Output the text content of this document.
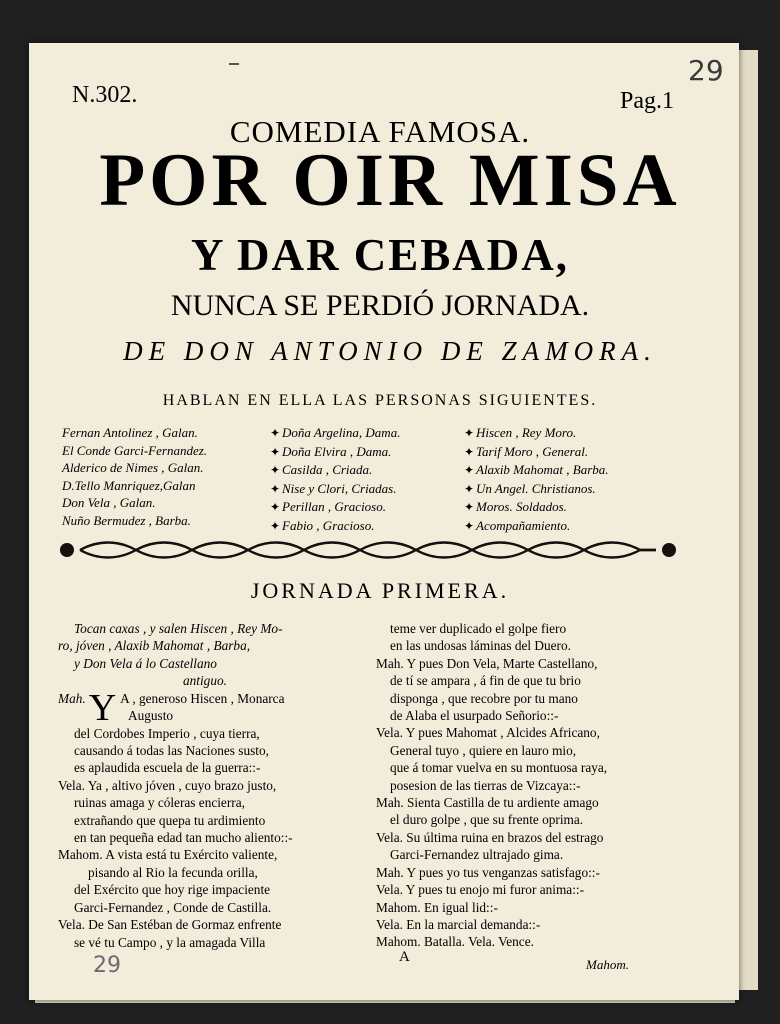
N.302.	Pag.1
29
COMEDIA FAMOSA.
POR OIR MISA
Y DAR CEBADA,
NUNCA SE PERDIÓ JORNADA.
DE DON ANTONIO DE ZAMORA.
HABLAN EN ELLA LAS PERSONAS SIGUIENTES.
Fernan Antolinez , Galan.
El Conde Garci-Fernandez.
Alderico de Nimes , Galan.
D.Tello Manriquez,Galan
Don Vela , Galan.
Nuño Bermudez , Barba.
✦ Doña Argelina, Dama.
✦ Doña Elvira , Dama.
✦ Casilda , Criada.
✦ Nise y Clori, Criadas.
✦ Perillan , Gracioso.
✦ Fabio , Gracioso.
✦ Hiscen , Rey Moro.
✦ Tarif Moro , General.
✦ Alaxib Mahomat , Barba.
✦ Un Angel. Christianos.
✦ Moros. Soldados.
✦ Acompañamiento.
JORNADA PRIMERA.
Tocan caxas , y salen Hiscen , Rey Mo-
ro, jóven , Alaxib Mahomat , Barba,
y Don Vela á lo Castellano
antiguo.
Mah. Y A , generoso Hiscen , Monarca
Augusto
del Cordobes Imperio , cuya tierra,
causando á todas las Naciones susto,
es aplaudida escuela de la guerra::-
Vela. Ya , altivo jóven , cuyo brazo justo,
ruinas amaga y cóleras encierra,
extrañando que quepa tu ardimiento
en tan pequeña edad tan mucho aliento::-
Mahom. A vista está tu Exército valiente,
pisando al Rio la fecunda orilla,
del Exército que hoy rige impaciente
Garci-Fernandez , Conde de Castilla.
Vela. De San Estéban de Gormaz enfrente
se vé tu Campo , y la amagada Villa
teme ver duplicado el golpe fiero
en las undosas láminas del Duero.
Mah. Y pues Don Vela, Marte Castellano,
de tí se ampara , á fin de que tu brio
disponga , que recobre por tu mano
de Alaba el usurpado Señorio::-
Vela. Y pues Mahomat , Alcides Africano,
General tuyo , quiere en lauro mio,
que á tomar vuelva en su montuosa raya,
posesion de las tierras de Vizcaya::-
Mah. Sienta Castilla de tu ardiente amago
el duro golpe , que su frente oprima.
Vela. Su última ruina en brazos del estrago
Garci-Fernandez ultrajado gima.
Mah. Y pues yo tus venganzas satisfago::-
Vela. Y pues tu enojo mi furor anima::-
Mahom. En igual lid::-
Vela. En la marcial demanda::-
Mahom. Batalla. Vela. Vence.
A	Mahom.
29
